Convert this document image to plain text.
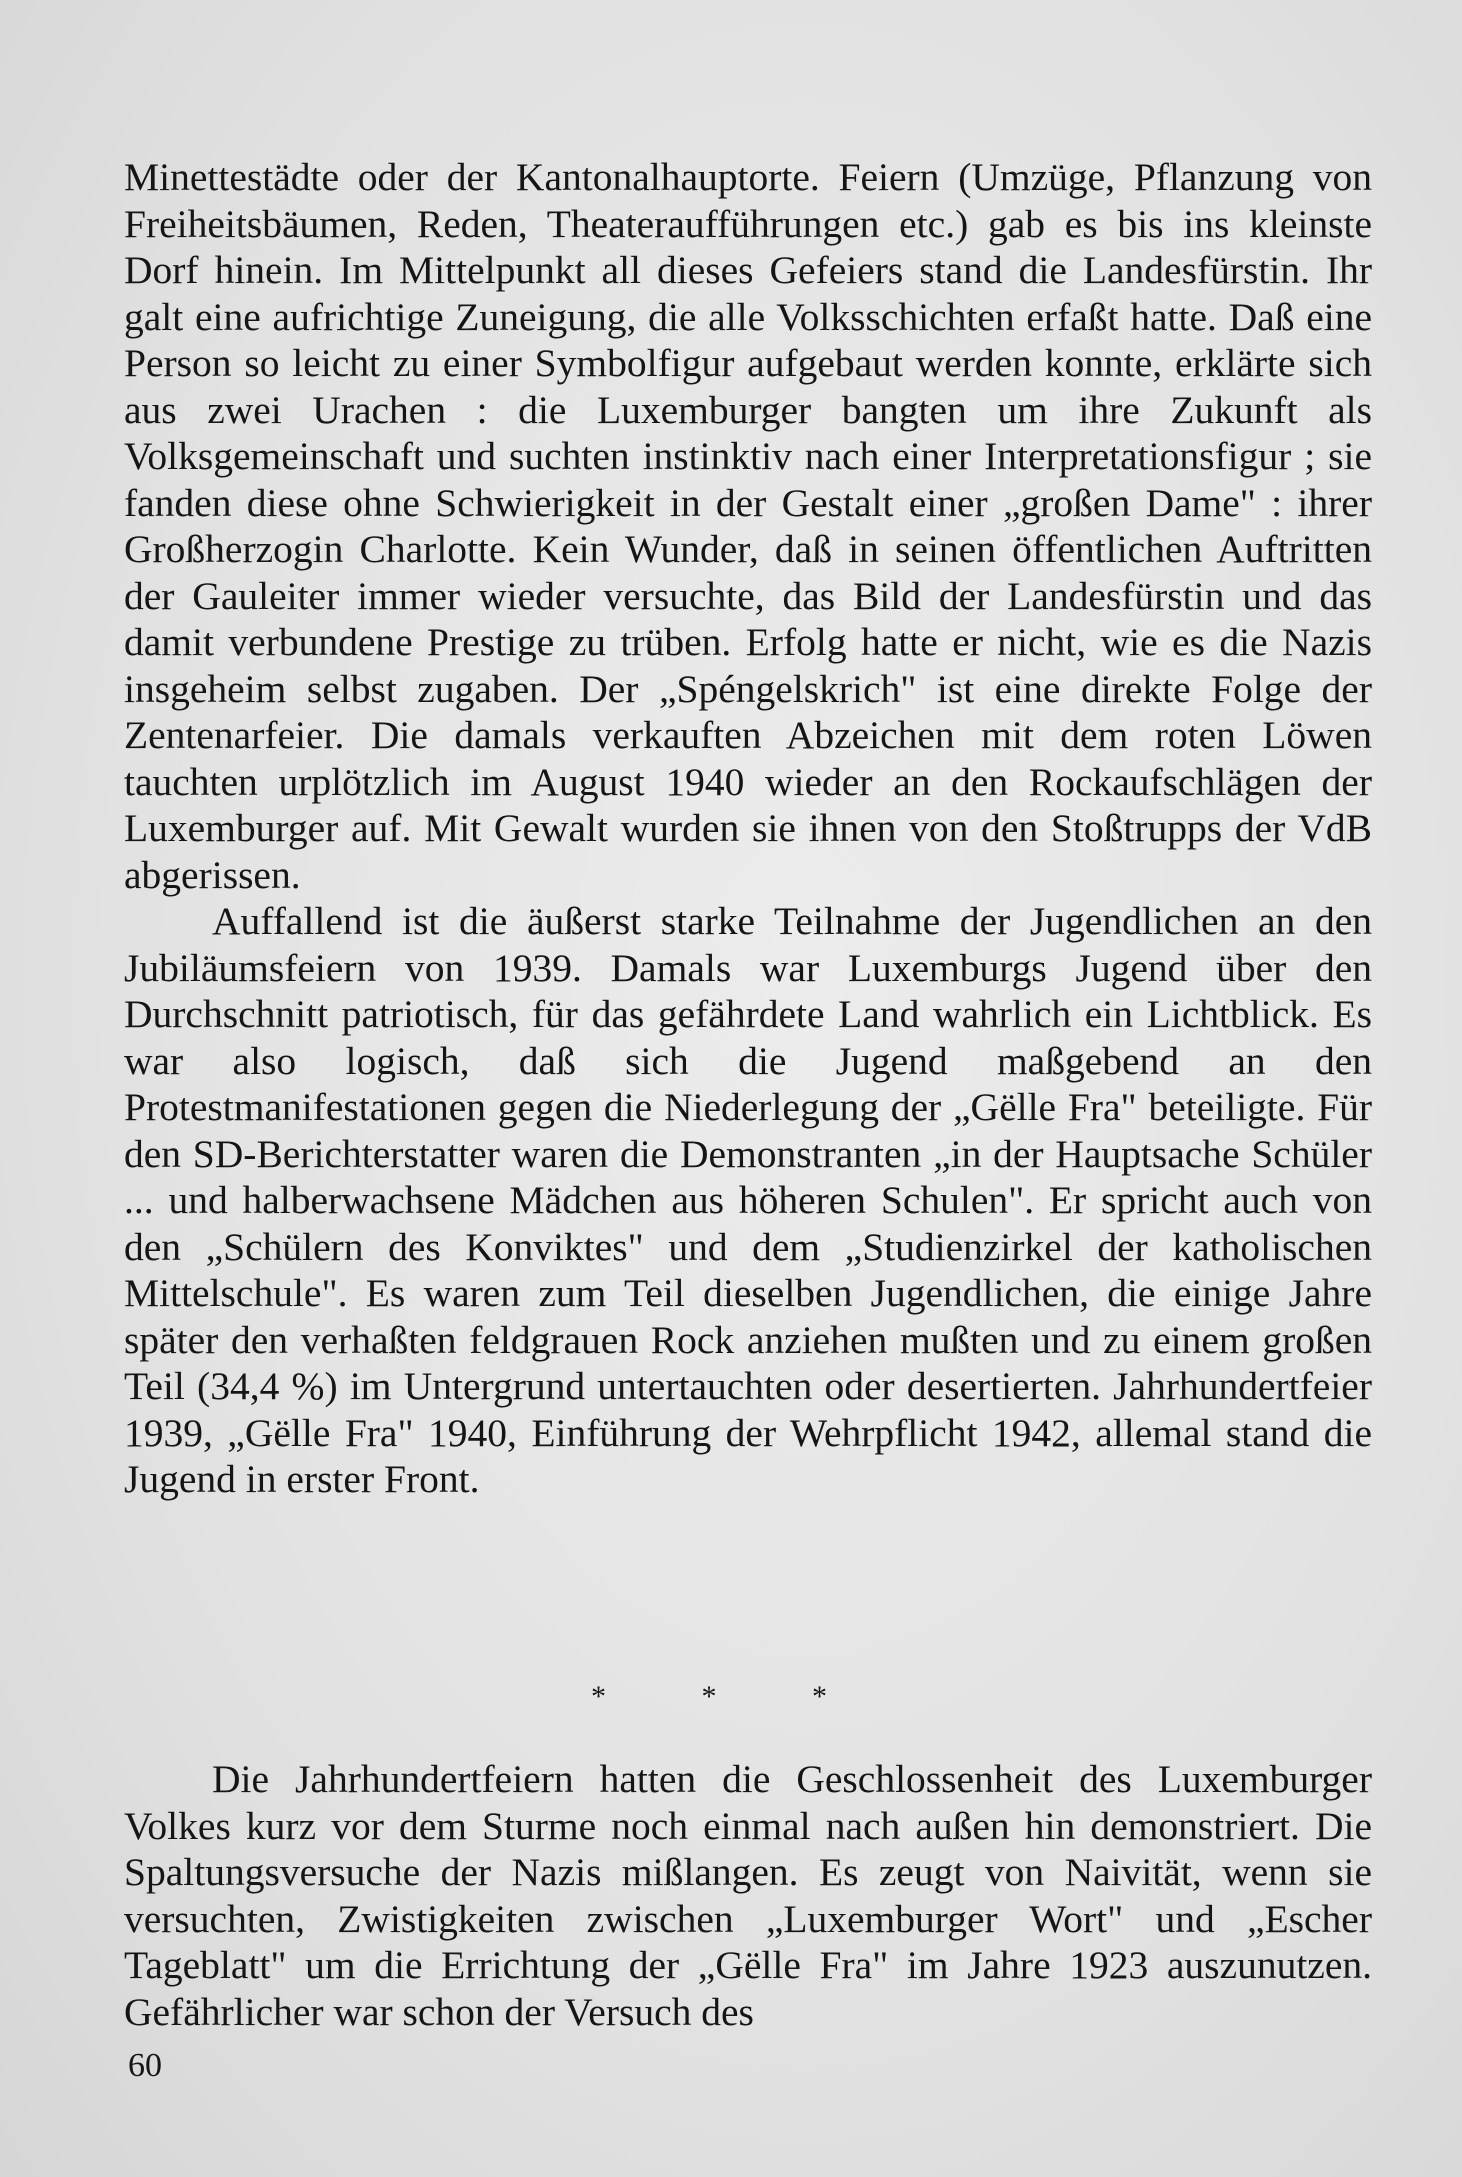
Minettestädte oder der Kantonalhauptorte. Feiern (Umzüge, Pflanzung von Freiheitsbäumen, Reden, Theateraufführungen etc.) gab es bis ins kleinste Dorf hinein. Im Mittelpunkt all dieses Gefeiers stand die Landesfürstin. Ihr galt eine aufrichtige Zuneigung, die alle Volksschichten erfaßt hatte. Daß eine Person so leicht zu einer Symbolfigur aufgebaut werden konnte, erklärte sich aus zwei Urachen : die Luxemburger bangten um ihre Zukunft als Volksgemeinschaft und suchten instinktiv nach einer Interpretationsfigur ; sie fanden diese ohne Schwierigkeit in der Gestalt einer „großen Dame" : ihrer Großherzogin Charlotte. Kein Wunder, daß in seinen öffentlichen Auftritten der Gauleiter immer wieder versuchte, das Bild der Landesfürstin und das damit verbundene Prestige zu trüben. Erfolg hatte er nicht, wie es die Nazis insgeheim selbst zugaben. Der „Spéngelskrich" ist eine direkte Folge der Zentenarfeier. Die damals verkauften Abzeichen mit dem roten Löwen tauchten urplötzlich im August 1940 wieder an den Rockaufschlägen der Luxemburger auf. Mit Gewalt wurden sie ihnen von den Stoßtrupps der VdB abgerissen.

Auffallend ist die äußerst starke Teilnahme der Jugendlichen an den Jubiläumsfeiern von 1939. Damals war Luxemburgs Jugend über den Durchschnitt patriotisch, für das gefährdete Land wahrlich ein Lichtblick. Es war also logisch, daß sich die Jugend maßgebend an den Protestmanifestationen gegen die Niederlegung der „Gëlle Fra" beteiligte. Für den SD-Berichterstatter waren die Demonstranten „in der Hauptsache Schüler ... und halberwachsene Mädchen aus höheren Schulen". Er spricht auch von den „Schülern des Konviktes" und dem „Studienzirkel der katholischen Mittelschule". Es waren zum Teil dieselben Jugendlichen, die einige Jahre später den verhaßten feldgrauen Rock anziehen mußten und zu einem großen Teil (34,4 %) im Untergrund untertauchten oder desertierten. Jahrhundertfeier 1939, „Gëlle Fra" 1940, Einführung der Wehrpflicht 1942, allemal stand die Jugend in erster Front.

* * *

Die Jahrhundertfeiern hatten die Geschlossenheit des Luxemburger Volkes kurz vor dem Sturme noch einmal nach außen hin demonstriert. Die Spaltungsversuche der Nazis mißlangen. Es zeugt von Naivität, wenn sie versuchten, Zwistigkeiten zwischen „Luxemburger Wort" und „Escher Tageblatt" um die Errichtung der „Gëlle Fra" im Jahre 1923 auszunutzen. Gefährlicher war schon der Versuch des

60
